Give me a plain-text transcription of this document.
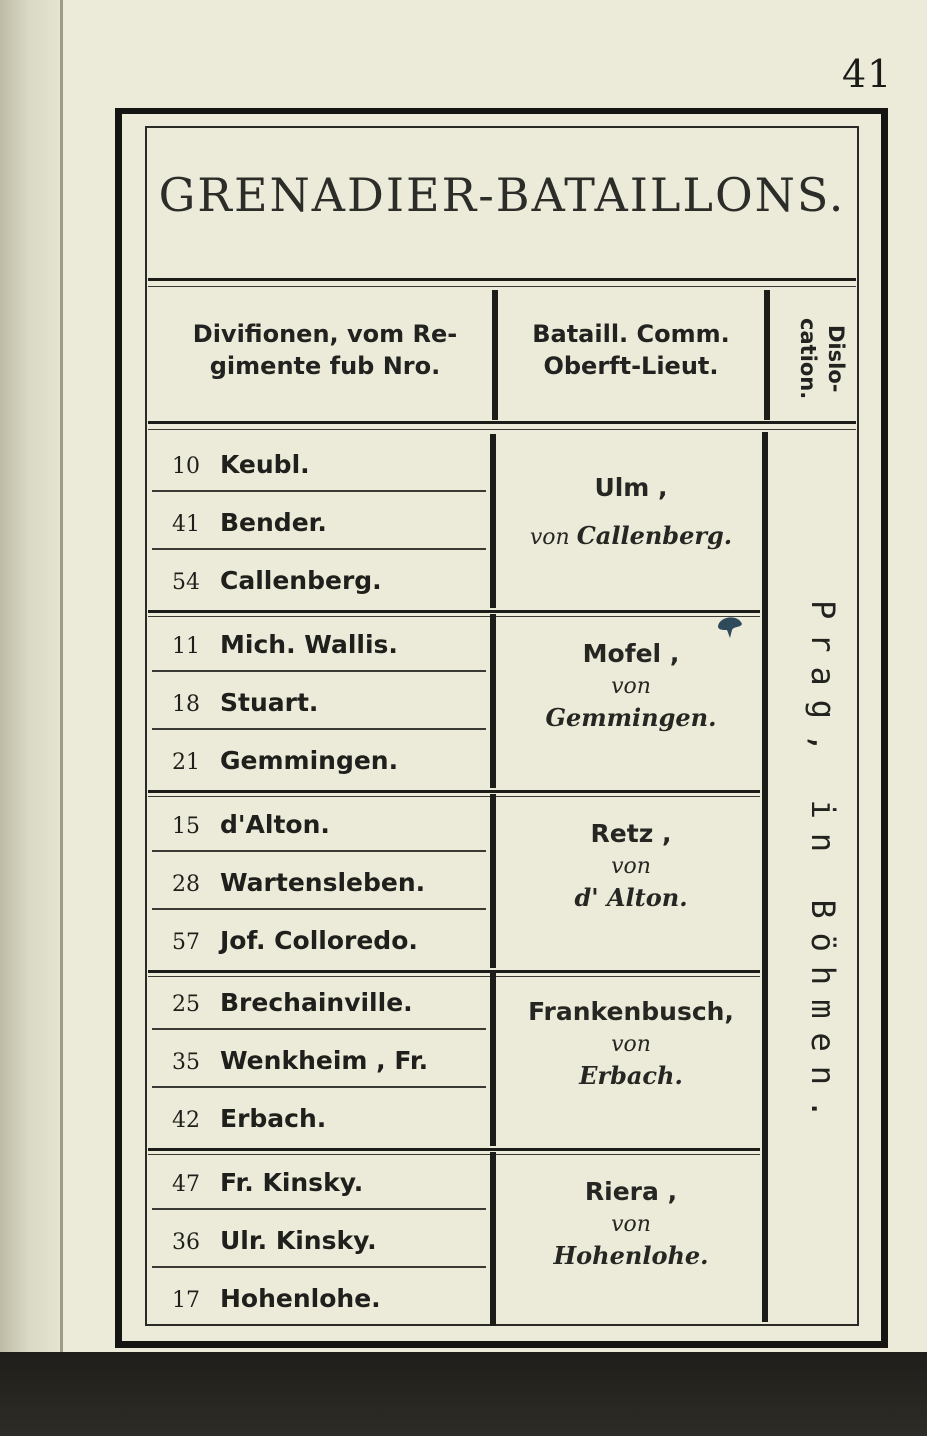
41
GRENADIER-BATAILLONS.
Divifionen, vom Re-
gimente fub Nro.
Bataill. Comm.
Oberft-Lieut.	Dislo-
cation.
10 Keubl.
41 Bender.
54 Callenberg.
Ulm ,
von Callenberg.
11 Mich. Wallis.
18 Stuart.
21 Gemmingen.
Mofel ,
von
Gemmingen.
15 d'Alton.
28 Wartensleben.
57 Jof. Colloredo.
Retz ,
von
d' Alton.
25 Brechainville.
35 Wenkheim , Fr.
42 Erbach.
Frankenbusch,
von
Erbach.
47 Fr. Kinsky.
36 Ulr. Kinsky.
17 Hohenlohe.
Riera ,
von
Hohenlohe.
Prag, in Böhmen.
